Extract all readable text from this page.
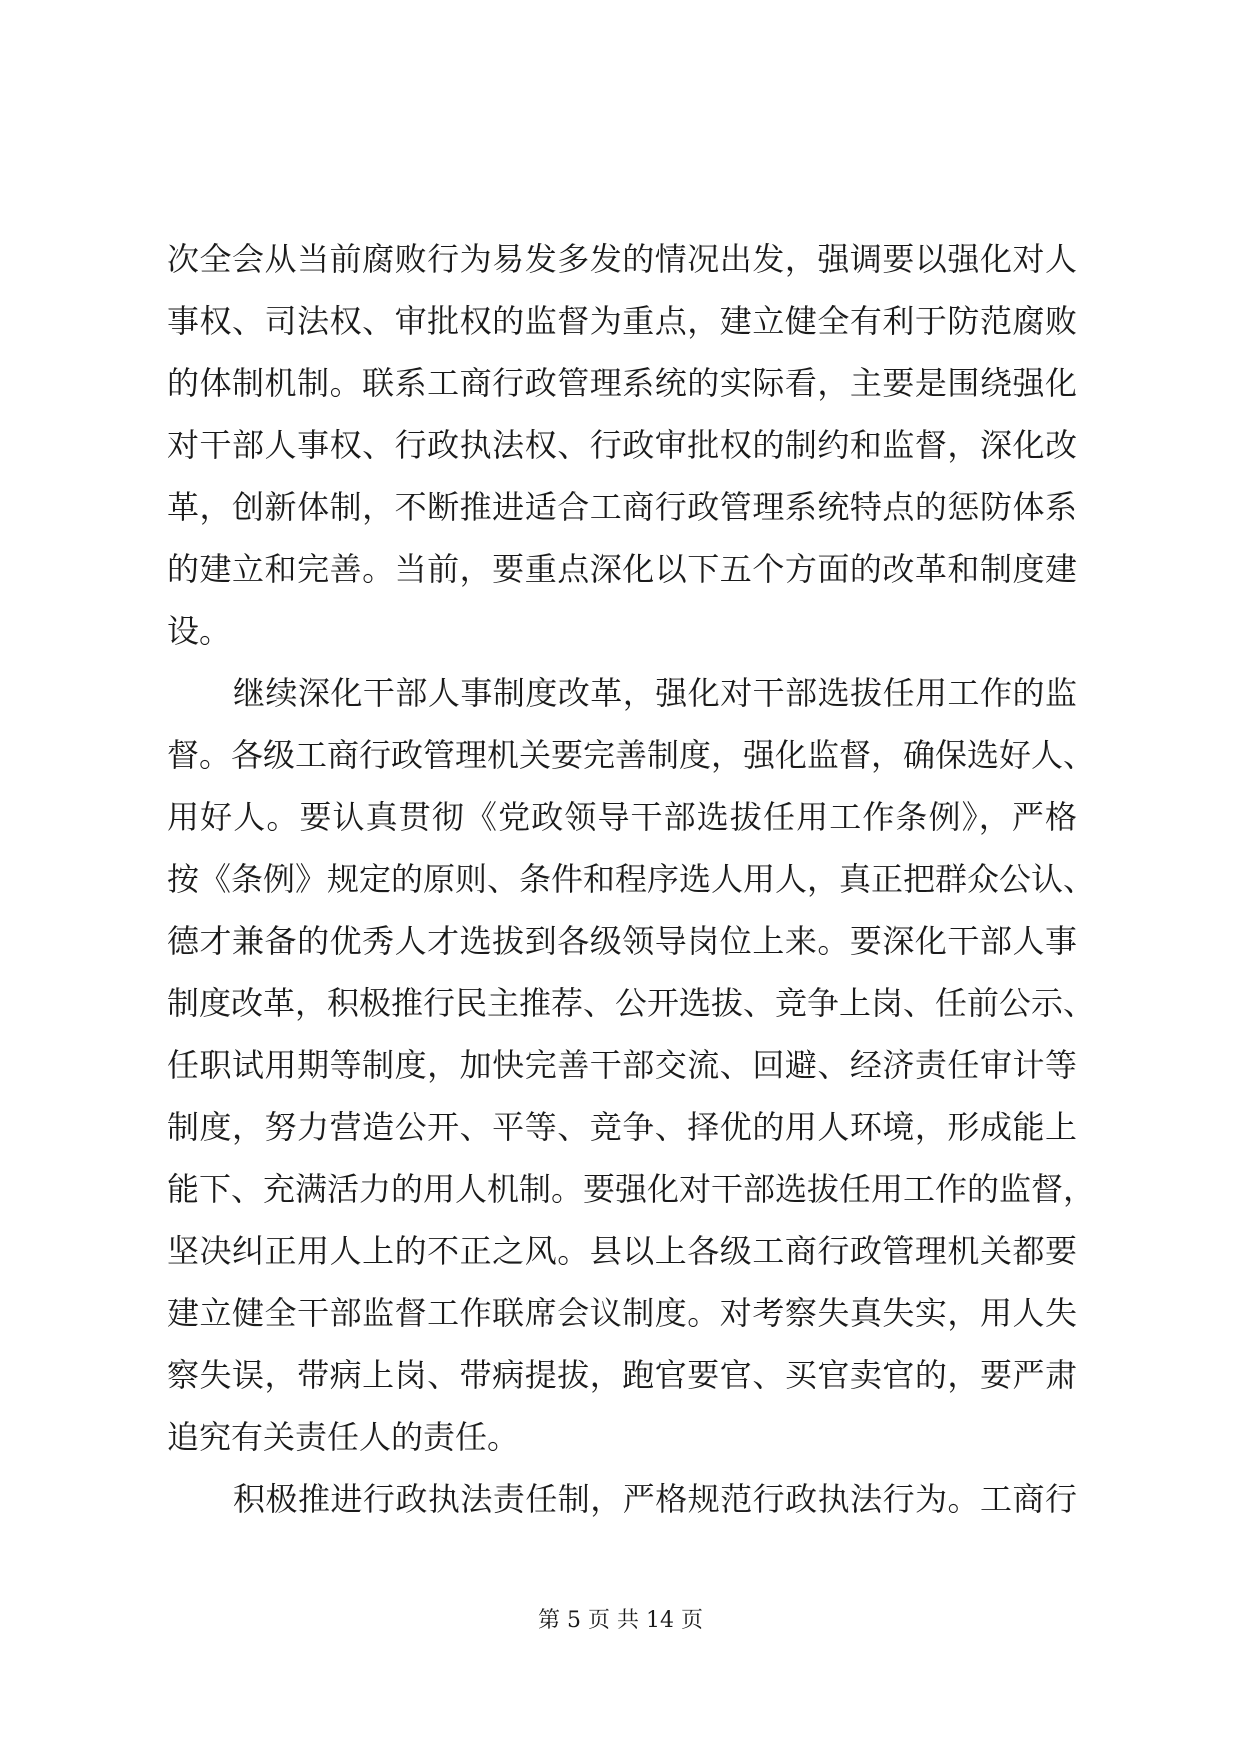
次全会从当前腐败行为易发多发的情况出发，强调要以强化对人
事权、司法权、审批权的监督为重点，建立健全有利于防范腐败
的体制机制。联系工商行政管理系统的实际看，主要是围绕强化
对干部人事权、行政执法权、行政审批权的制约和监督，深化改
革，创新体制，不断推进适合工商行政管理系统特点的惩防体系
的建立和完善。当前，要重点深化以下五个方面的改革和制度建
设。
继续深化干部人事制度改革，强化对干部选拔任用工作的监
督。各级工商行政管理机关要完善制度，强化监督，确保选好人、
用好人。要认真贯彻《党政领导干部选拔任用工作条例》，严格
按《条例》规定的原则、条件和程序选人用人，真正把群众公认、
德才兼备的优秀人才选拔到各级领导岗位上来。要深化干部人事
制度改革，积极推行民主推荐、公开选拔、竞争上岗、任前公示、
任职试用期等制度，加快完善干部交流、回避、经济责任审计等
制度，努力营造公开、平等、竞争、择优的用人环境，形成能上
能下、充满活力的用人机制。要强化对干部选拔任用工作的监督，
坚决纠正用人上的不正之风。县以上各级工商行政管理机关都要
建立健全干部监督工作联席会议制度。对考察失真失实，用人失
察失误，带病上岗、带病提拔，跑官要官、买官卖官的，要严肃
追究有关责任人的责任。
积极推进行政执法责任制，严格规范行政执法行为。工商行
第 5 页 共 14 页
